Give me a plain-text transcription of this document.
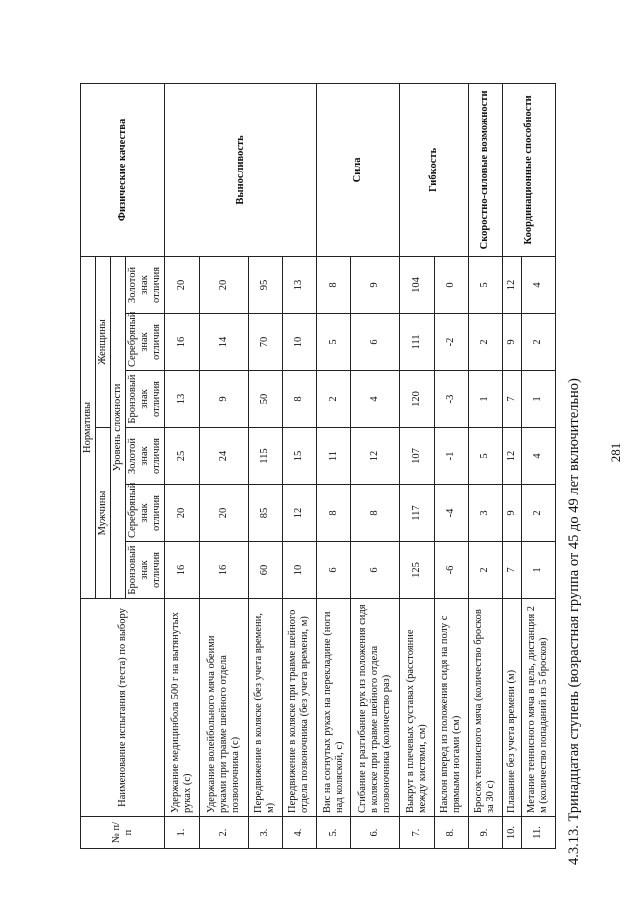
281
4.3.13. Тринадцатая ступень (возрастная группа от 45 до 49 лет включительно)
№ п/п	Наименование испытания (теста) по выбору	Нормативы						Физические качества
		Мужчины			Женщины			
		Уровень сложности						
		Бронзовый знак отличия	Серебряный знак отличия	Золотой знак отличия	Бронзовый знак отличия	Серебряный знак отличия	Золотой знак отличия	
1.	Удержание медицинбола 500 г на вытянутых руках (с)	16	20	25	13	16	20	Выносливость
2.	Удержание волейбольного мяча обеими руками при травме шейного отдела позвоночника (с)	16	20	24	9	14	20	
3.	Передвижение в коляске (без учета времени, м)	60	85	115	50	70	95	
4.	Передвижение в коляске при травме шейного отдела позвоночника (без учета времени, м)	10	12	15	8	10	13	
5.	Вис на согнутых руках на перекладине (ноги над коляской, с)	6	8	11	2	5	8	Сила
6.	Сгибание и разгибание рук из положения сидя в коляске при травме шейного отдела позвоночника (количество раз)	6	8	12	4	6	9	
7.	Выкрут в плечевых суставах (расстояние между кистями, см)	125	117	107	120	111	104	Гибкость
8.	Наклон вперед из положения сидя на полу с прямыми ногами (см)	-6	-4	-1	-3	-2	0	
9.	Бросок теннисного мяча (количество бросков за 30 с)	2	3	5	1	2	5	Скоростно-силовые возможности
10.	Плавание без учета времени (м)	7	9	12	7	9	12	Координационные способности
11.	Метание теннисного мяча в цель, дистанция 2 м (количество попаданий из 5 бросков)	1	2	4	1	2	4	
